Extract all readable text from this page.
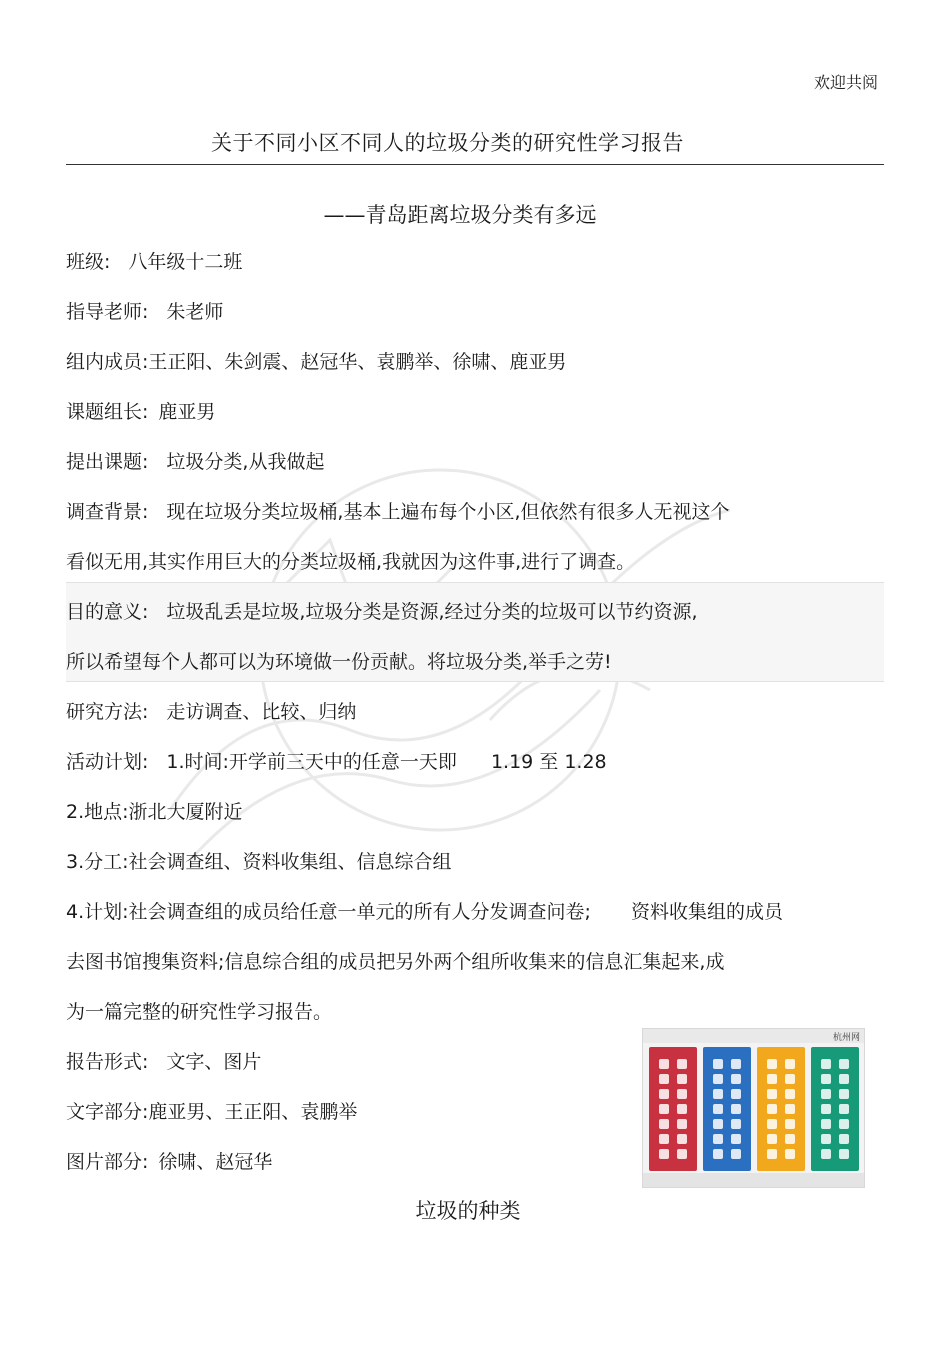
欢迎共阅
关于不同小区不同人的垃圾分类的研究性学习报告
——青岛距离垃圾分类有多远
班级: 八年级十二班
指导老师: 朱老师
组内成员:王正阳、朱剑震、赵冠华、袁鹏举、徐啸、鹿亚男
课题组长: 鹿亚男
提出课题: 垃圾分类,从我做起
调查背景: 现在垃圾分类垃圾桶,基本上遍布每个小区,但依然有很多人无视这个
看似无用,其实作用巨大的分类垃圾桶,我就因为这件事,进行了调查。
目的意义: 垃圾乱丢是垃圾,垃圾分类是资源,经过分类的垃圾可以节约资源,
所以希望每个人都可以为环境做一份贡献。将垃圾分类,举手之劳!
研究方法: 走访调查、比较、归纳
活动计划: 1.时间:开学前三天中的任意一天即 1.19 至 1.28
2.地点:浙北大厦附近
3.分工:社会调查组、资料收集组、信息综合组
4.计划:社会调查组的成员给任意一单元的所有人分发调查问卷; 资料收集组的成员
去图书馆搜集资料;信息综合组的成员把另外两个组所收集来的信息汇集起来,成
为一篇完整的研究性学习报告。
报告形式: 文字、图片
文字部分:鹿亚男、王正阳、袁鹏举
图片部分: 徐啸、赵冠华
杭州网
垃圾的种类
